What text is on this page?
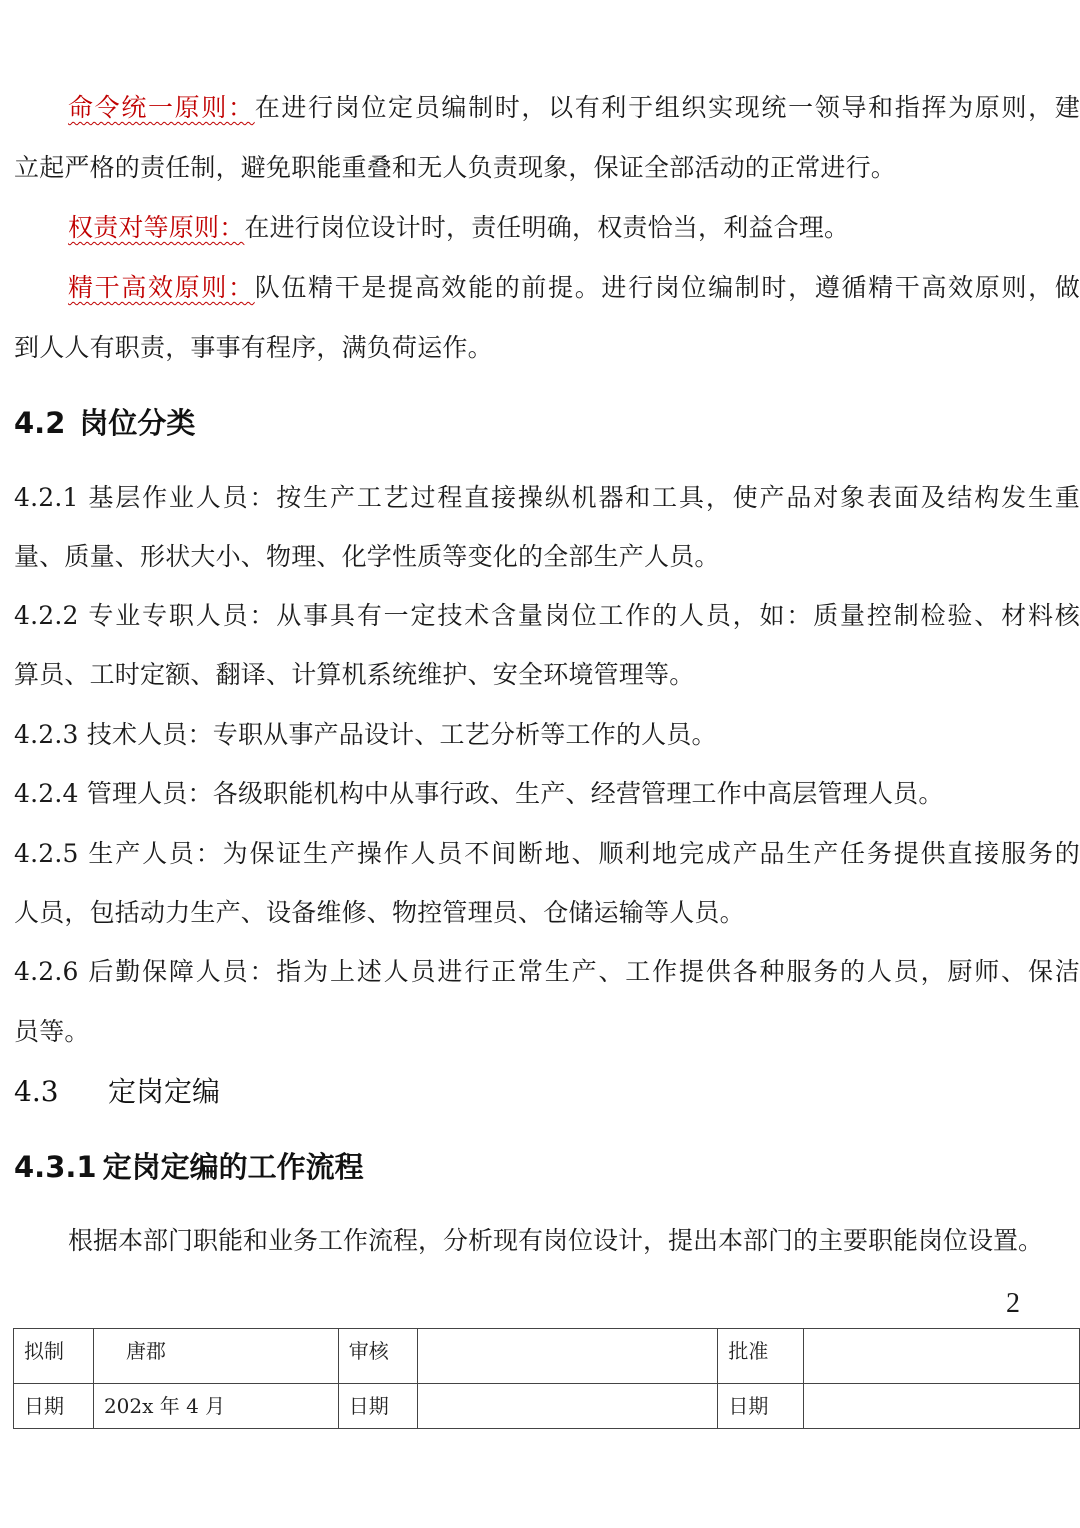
命令统一原则：在进行岗位定员编制时，以有利于组织实现统一领导和指挥为原则，建
立起严格的责任制，避免职能重叠和无人负责现象，保证全部活动的正常进行。
权责对等原则：在进行岗位设计时，责任明确，权责恰当，利益合理。
精干高效原则：队伍精干是提高效能的前提。进行岗位编制时，遵循精干高效原则，做
到人人有职责，事事有程序，满负荷运作。
4.2 岗位分类
4.2.1 基层作业人员：按生产工艺过程直接操纵机器和工具，使产品对象表面及结构发生重
量、质量、形状大小、物理、化学性质等变化的全部生产人员。
4.2.2 专业专职人员：从事具有一定技术含量岗位工作的人员，如：质量控制检验、材料核
算员、工时定额、翻译、计算机系统维护、安全环境管理等。
4.2.3 技术人员：专职从事产品设计、工艺分析等工作的人员。
4.2.4 管理人员：各级职能机构中从事行政、生产、经营管理工作中高层管理人员。
4.2.5 生产人员：为保证生产操作人员不间断地、顺利地完成产品生产任务提供直接服务的
人员，包括动力生产、设备维修、物控管理员、仓储运输等人员。
4.2.6 后勤保障人员：指为上述人员进行正常生产、工作提供各种服务的人员，厨师、保洁
员等。
4.3 定岗定编
4.3.1 定岗定编的工作流程
根据本部门职能和业务工作流程，分析现有岗位设计，提出本部门的主要职能岗位设置。
2
拟制	唐郡	审核		批准	
日期	202x 年 4 月	日期		日期	
